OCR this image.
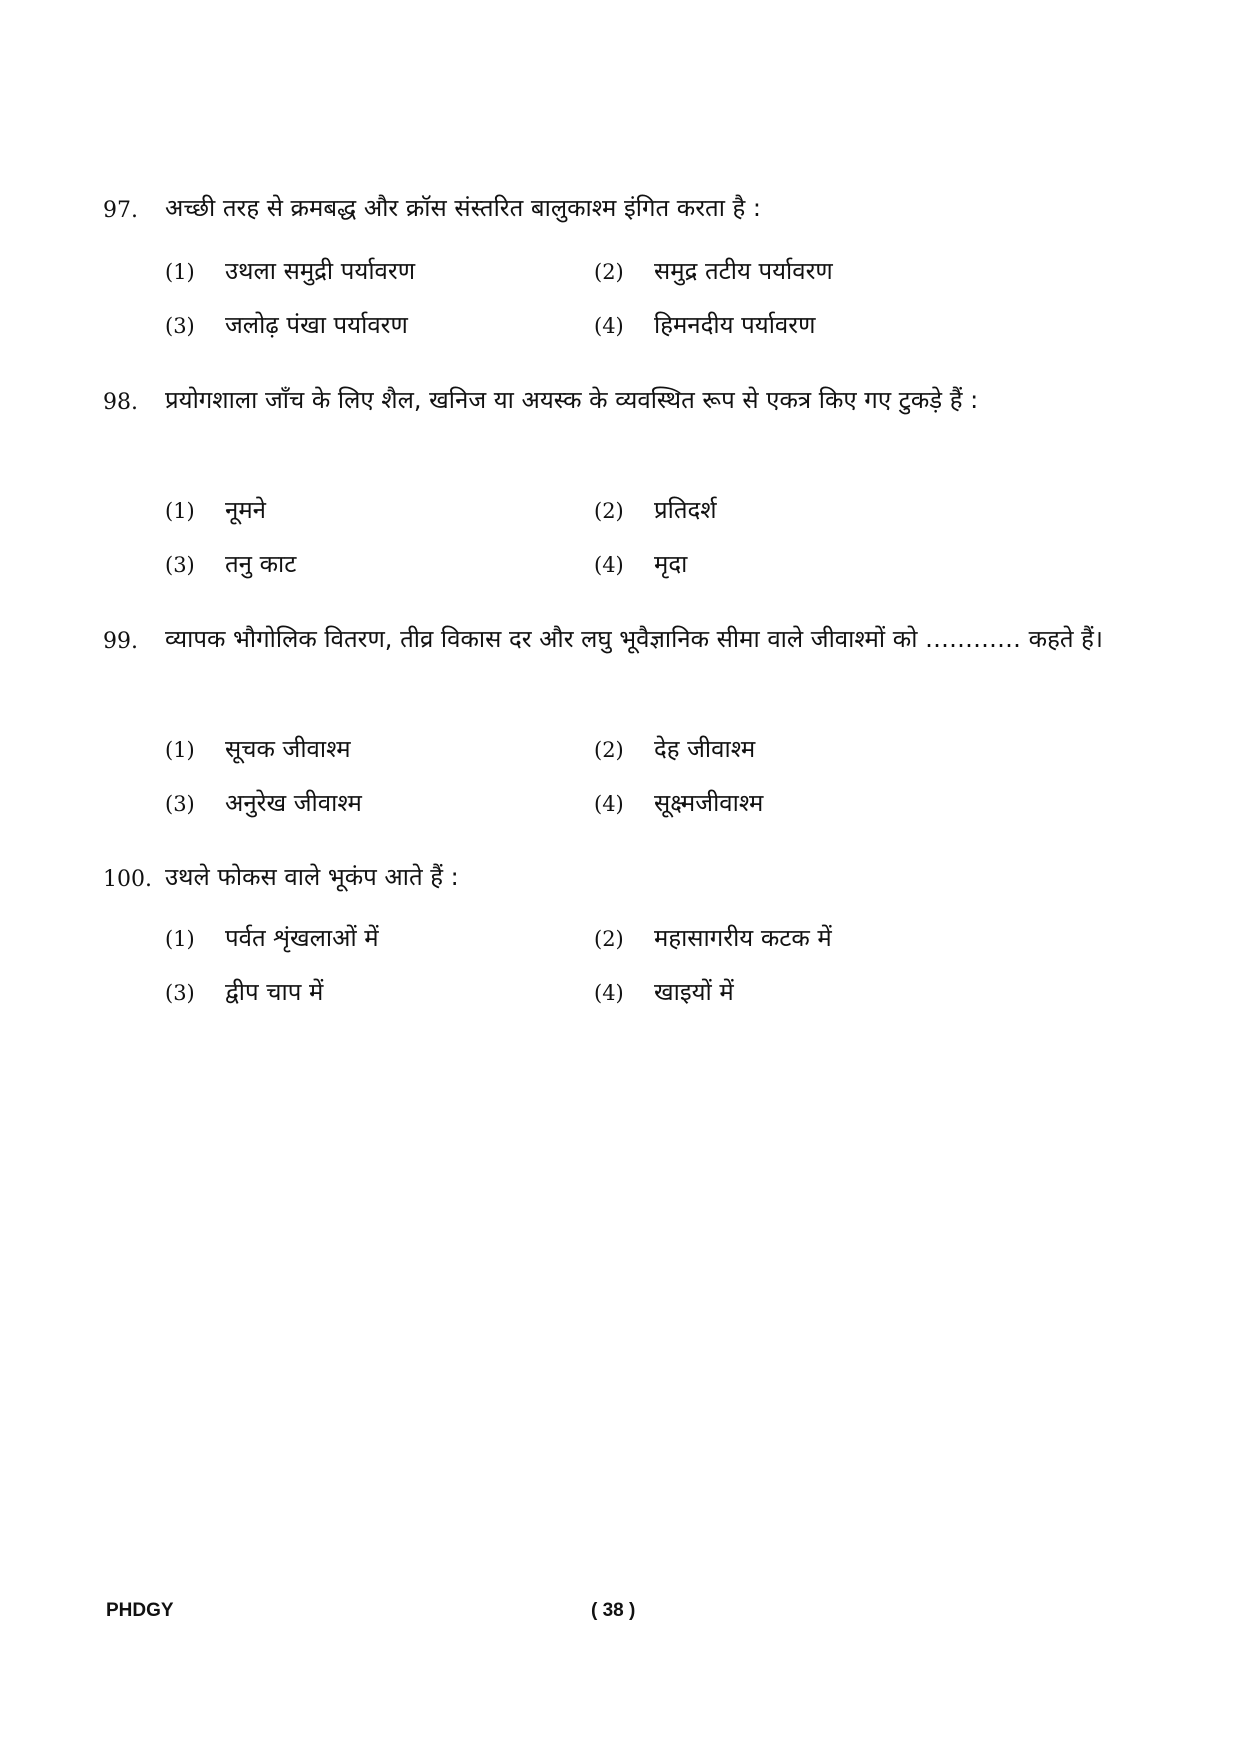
97. अच्छी तरह से क्रमबद्ध और क्रॉस संस्तरित बालुकाश्म इंगित करता है :
(1)	उथला समुद्री पर्यावरण	(2)	समुद्र तटीय पर्यावरण
(3)	जलोढ़ पंखा पर्यावरण	(4)	हिमनदीय पर्यावरण
98. प्रयोगशाला जाँच के लिए शैल, खनिज या अयस्क के व्यवस्थित रूप से एकत्र किए गए टुकड़े हैं :
(1)	नूमने	(2)	प्रतिदर्श
(3)	तनु काट	(4)	मृदा
99. व्यापक भौगोलिक वितरण, तीव्र विकास दर और लघु भूवैज्ञानिक सीमा वाले जीवाश्मों को ………… कहते हैं।
(1)	सूचक जीवाश्म	(2)	देह जीवाश्म
(3)	अनुरेख जीवाश्म	(4)	सूक्ष्मजीवाश्म
100. उथले फोकस वाले भूकंप आते हैं :
(1)	पर्वत शृंखलाओं में	(2)	महासागरीय कटक में
(3)	द्वीप चाप में	(4)	खाइयों में
PHDGY	( 38 )
